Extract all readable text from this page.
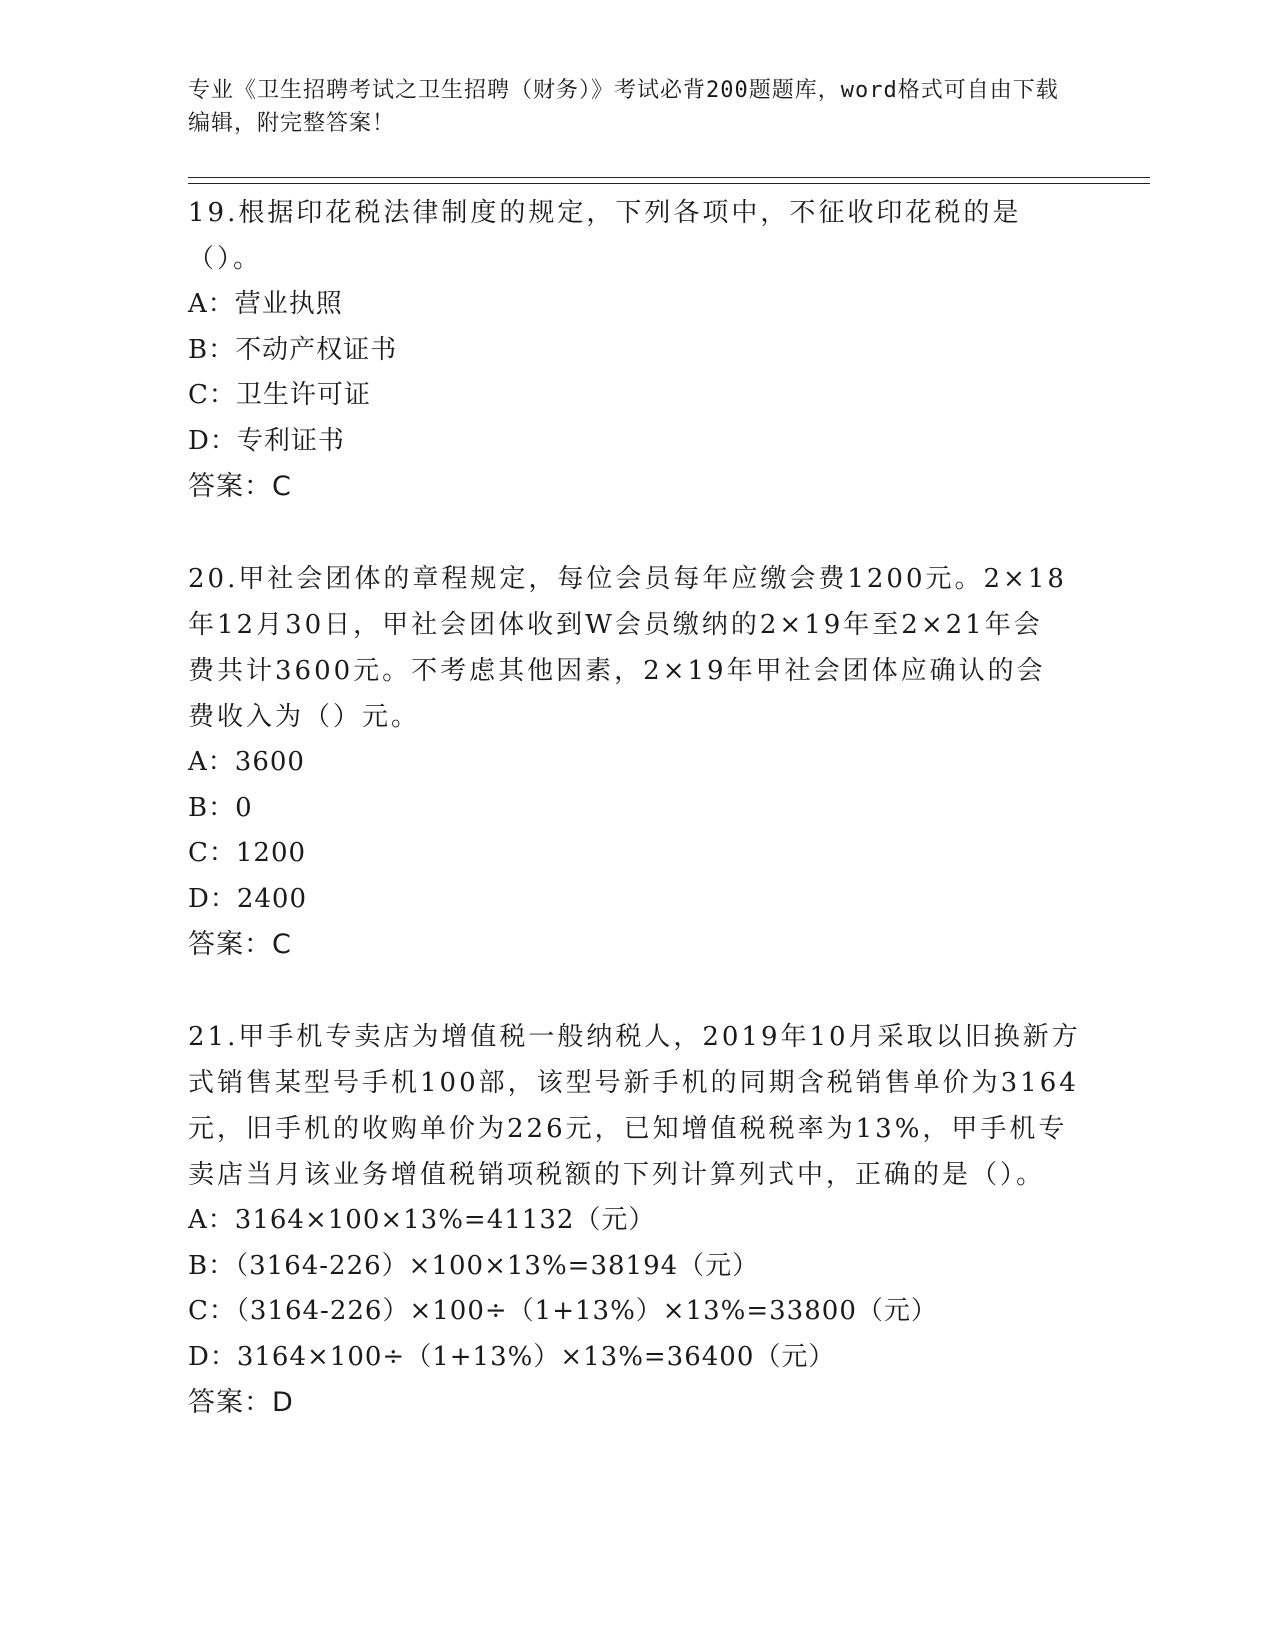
专业《卫生招聘考试之卫生招聘（财务）》考试必背200题题库，word格式可自由下载编辑，附完整答案！

19.根据印花税法律制度的规定，下列各项中，不征收印花税的是（）。

A：营业执照

B：不动产权证书

C：卫生许可证

D：专利证书

答案：C

20.甲社会团体的章程规定，每位会员每年应缴会费1200元。2×18年12月30日，甲社会团体收到W会员缴纳的2×19年至2×21年会费共计3600元。不考虑其他因素，2×19年甲社会团体应确认的会费收入为（）元。

A：3600

B：0

C：1200

D：2400

答案：C

21.甲手机专卖店为增值税一般纳税人，2019年10月采取以旧换新方式销售某型号手机100部，该型号新手机的同期含税销售单价为3164元，旧手机的收购单价为226元，已知增值税税率为13%，甲手机专卖店当月该业务增值税销项税额的下列计算列式中，正确的是（）。

A：3164×100×13%=41132（元）

B：（3164-226）×100×13%=38194（元）

C：（3164-226）×100÷（1+13%）×13%=33800（元）

D：3164×100÷（1+13%）×13%=36400（元）

答案：D
